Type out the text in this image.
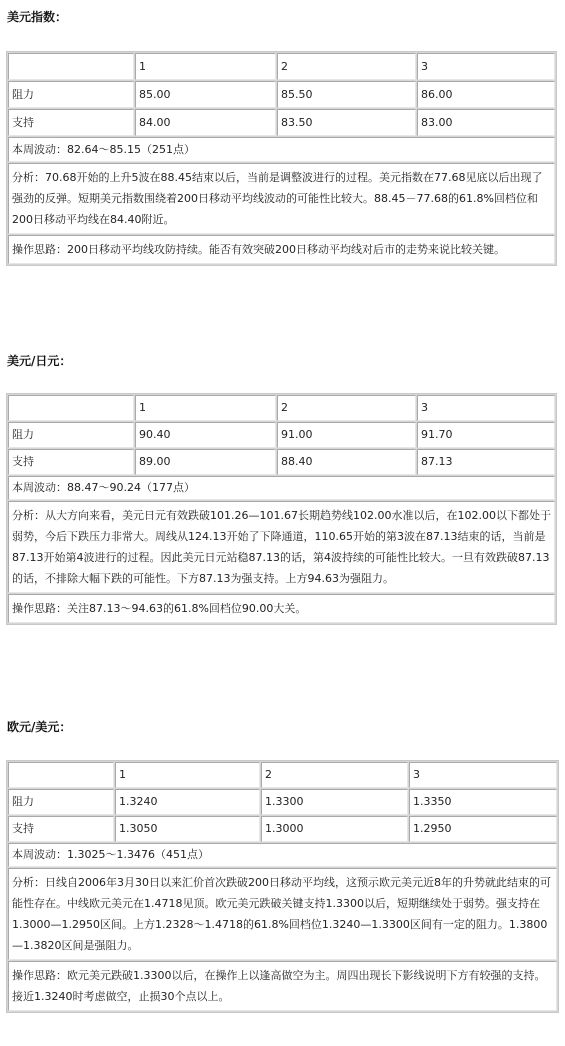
美元指数：
	1	2	3
阻力	85.00	85.50	86.00
支持	84.00	83.50	83.00
本周波动：82.64～85.15（251点）			
分析：70.68开始的上升5波在88.45结束以后，当前是调整波进行的过程。美元指数在77.68见底以后出现了强劲的反弹。短期美元指数围绕着200日移动平均线波动的可能性比较大。88.45－77.68的61.8%回档位和200日移动平均线在84.40附近。			
操作思路：200日移动平均线攻防持续。能否有效突破200日移动平均线对后市的走势来说比较关键。			
美元/日元：
	1	2	3
阻力	90.40	91.00	91.70
支持	89.00	88.40	87.13
本周波动：88.47～90.24（177点）			
分析：从大方向来看，美元日元有效跌破101.26—101.67长期趋势线102.00水准以后，在102.00以下都处于弱势，今后下跌压力非常大。周线从124.13开始了下降通道，110.65开始的第3波在87.13结束的话，当前是87.13开始第4波进行的过程。因此美元日元站稳87.13的话，第4波持续的可能性比较大。一旦有效跌破87.13的话，不排除大幅下跌的可能性。下方87.13为强支持。上方94.63为强阻力。			
操作思路：关注87.13～94.63的61.8%回档位90.00大关。			
欧元/美元：
	1	2	3
阻力	1.3240	1.3300	1.3350
支持	1.3050	1.3000	1.2950
本周波动：1.3025～1.3476（451点）			
分析：日线自2006年3月30日以来汇价首次跌破200日移动平均线，这预示欧元美元近8年的升势就此结束的可能性存在。中线欧元美元在1.4718见顶。欧元美元跌破关键支持1.3300以后，短期继续处于弱势。强支持在1.3000—1.2950区间。上方1.2328～1.4718的61.8%回档位1.3240—1.3300区间有一定的阻力。1.3800—1.3820区间是强阻力。			
操作思路：欧元美元跌破1.3300以后，在操作上以逢高做空为主。周四出现长下影线说明下方有较强的支持。接近1.3240时考虑做空，止损30个点以上。			
